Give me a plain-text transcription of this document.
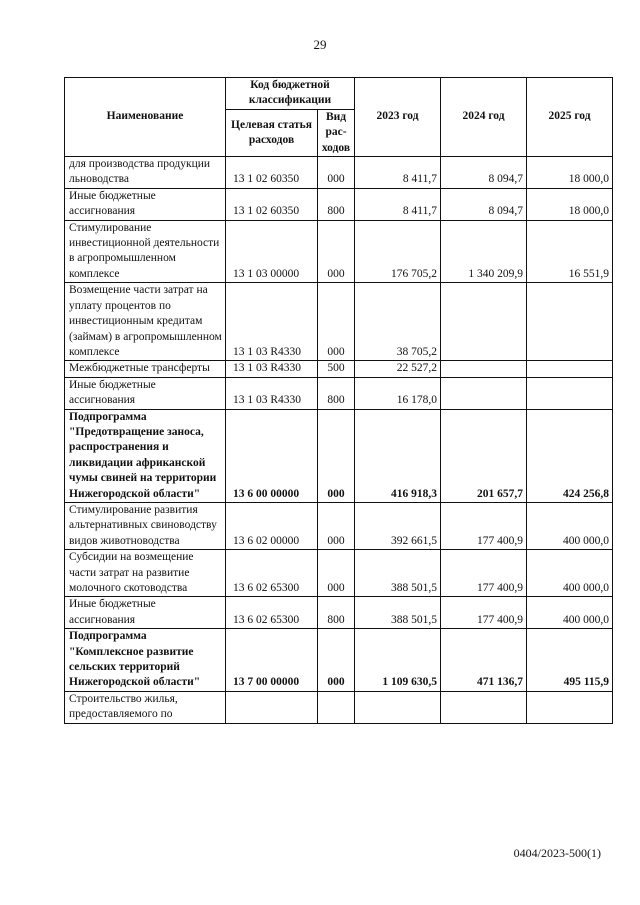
29
Наименование	Код бюджетной классификации		2023 год	2024 год	2025 год
	Целевая статья расходов	Вид рас-ходов			
для производства продукции льноводства	13 1 02 60350	000	8 411,7	8 094,7	18 000,0
Иные бюджетные ассигнования	13 1 02 60350	800	8 411,7	8 094,7	18 000,0
Стимулирование инвестиционной деятельности в агропромышленном комплексе	13 1 03 00000	000	176 705,2	1 340 209,9	16 551,9
Возмещение части затрат на уплату процентов по инвестиционным кредитам (займам) в агропромышленном комплексе	13 1 03 R4330	000	38 705,2		
Межбюджетные трансферты	13 1 03 R4330	500	22 527,2		
Иные бюджетные ассигнования	13 1 03 R4330	800	16 178,0		
Подпрограмма "Предотвращение заноса, распространения и ликвидации африканской чумы свиней на территории Нижегородской области"	13 6 00 00000	000	416 918,3	201 657,7	424 256,8
Стимулирование развития альтернативных свиноводству видов животноводства	13 6 02 00000	000	392 661,5	177 400,9	400 000,0
Субсидии на возмещение части затрат на развитие молочного скотоводства	13 6 02 65300	000	388 501,5	177 400,9	400 000,0
Иные бюджетные ассигнования	13 6 02 65300	800	388 501,5	177 400,9	400 000,0
Подпрограмма "Комплексное развитие сельских территорий Нижегородской области"	13 7 00 00000	000	1 109 630,5	471 136,7	495 115,9
Строительство жилья, предоставляемого по					
0404/2023-500(1)
